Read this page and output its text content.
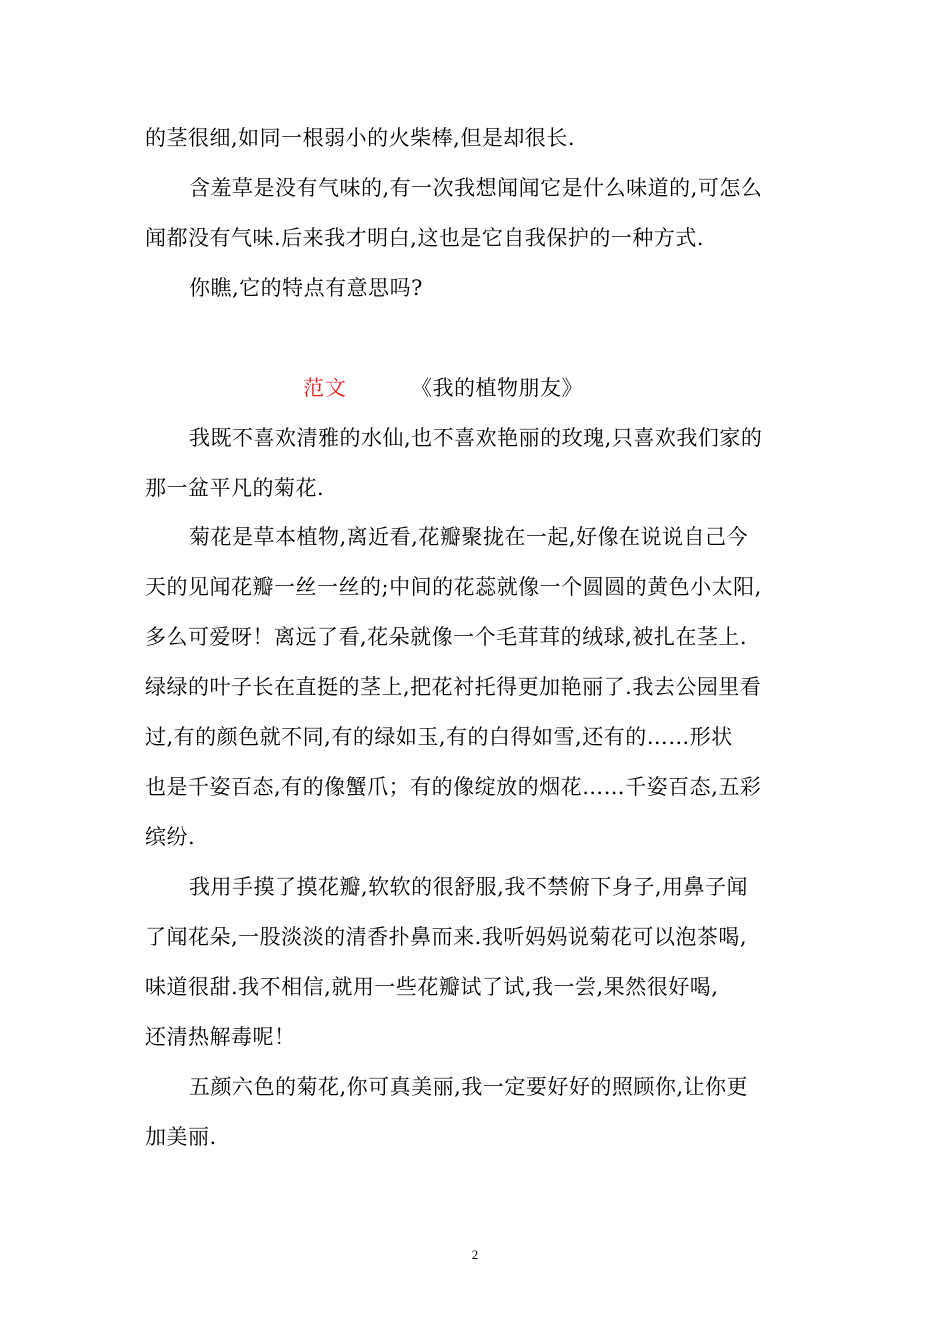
的茎很细,如同一根弱小的火柴棒,但是却很长.
含羞草是没有气味的,有一次我想闻闻它是什么味道的,可怎么
闻都没有气味.后来我才明白,这也是它自我保护的一种方式.
你瞧,它的特点有意思吗?
范文	《我的植物朋友》
我既不喜欢清雅的水仙,也不喜欢艳丽的玫瑰,只喜欢我们家的
那一盆平凡的菊花.
菊花是草本植物,离近看,花瓣聚拢在一起,好像在说说自己今
天的见闻花瓣一丝一丝的;中间的花蕊就像一个圆圆的黄色小太阳,
多么可爱呀！离远了看,花朵就像一个毛茸茸的绒球,被扎在茎上.
绿绿的叶子长在直挺的茎上,把花衬托得更加艳丽了.我去公园里看
过,有的颜色就不同,有的绿如玉,有的白得如雪,还有的……形状
也是千姿百态,有的像蟹爪；有的像绽放的烟花……千姿百态,五彩
缤纷.
我用手摸了摸花瓣,软软的很舒服,我不禁俯下身子,用鼻子闻
了闻花朵,一股淡淡的清香扑鼻而来.我听妈妈说菊花可以泡茶喝,
味道很甜.我不相信,就用一些花瓣试了试,我一尝,果然很好喝,
还清热解毒呢！
五颜六色的菊花,你可真美丽,我一定要好好的照顾你,让你更
加美丽.
2
